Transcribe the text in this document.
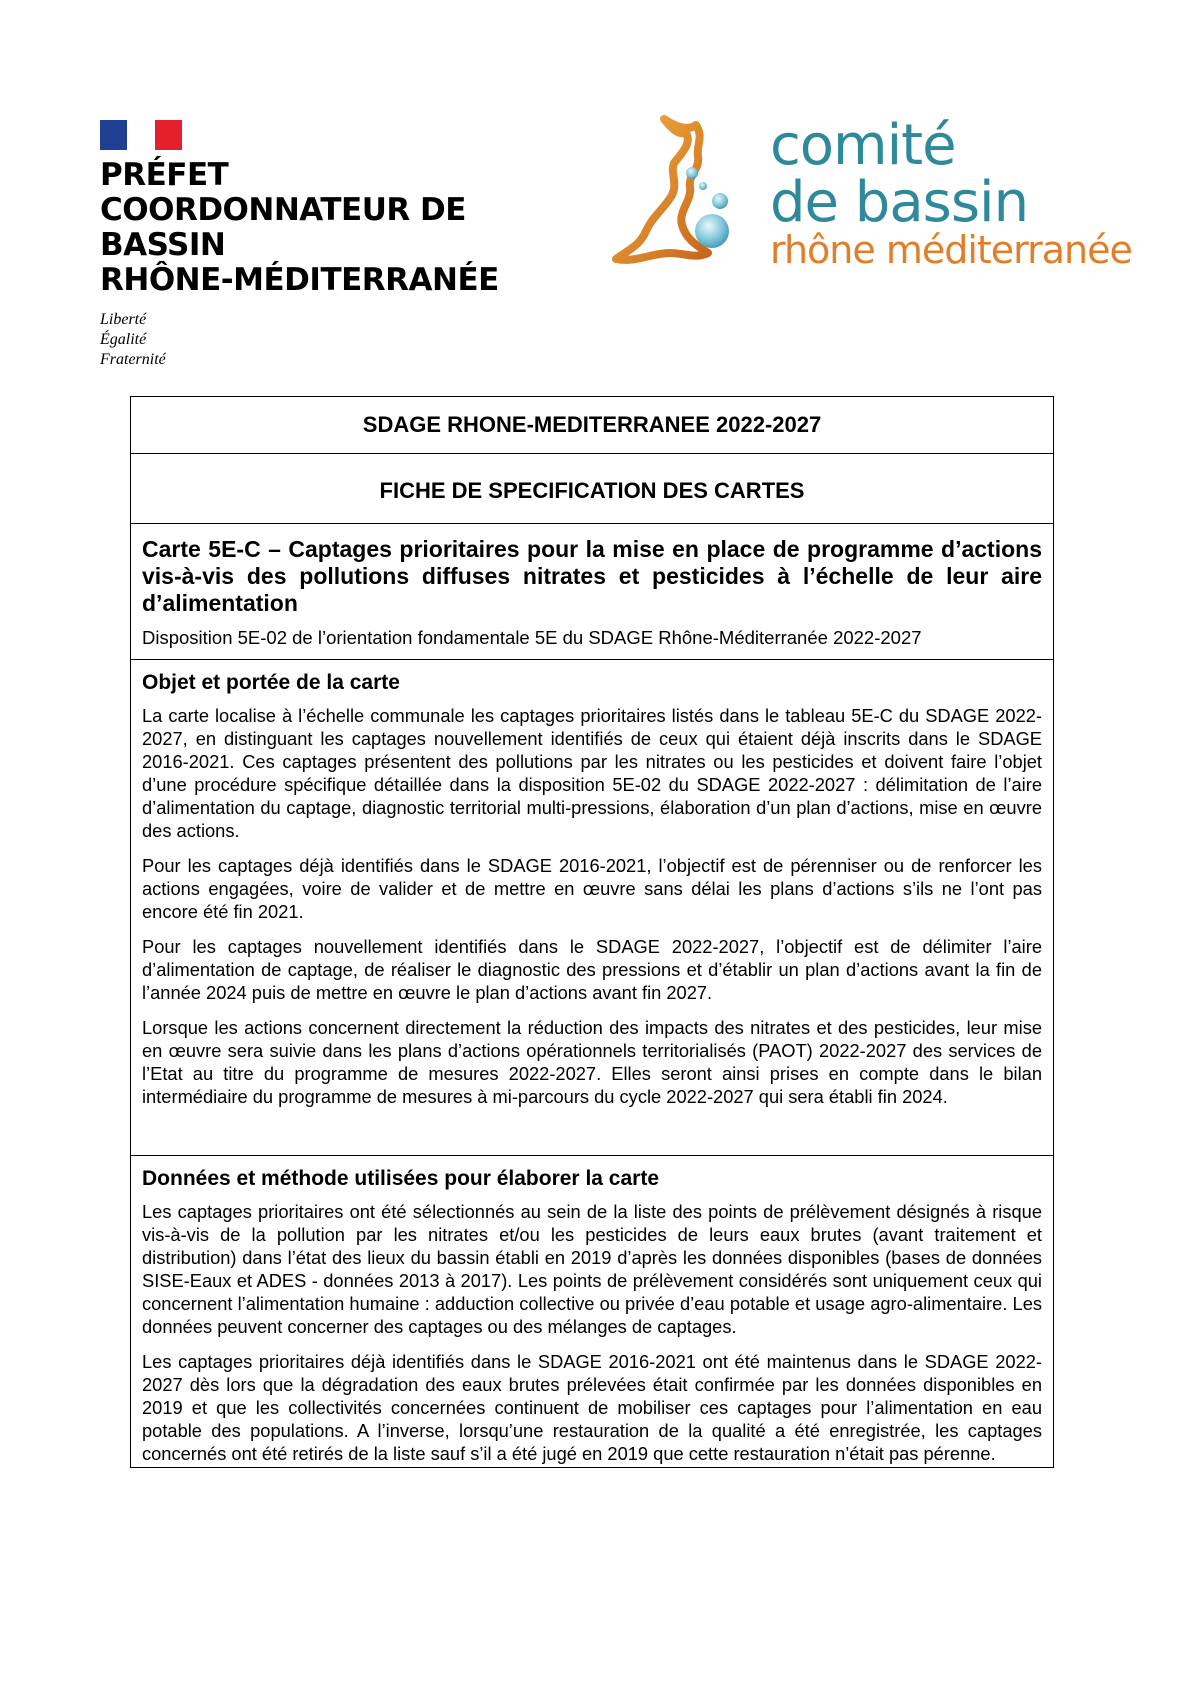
PRÉFET
COORDONNATEUR DE BASSIN
RHÔNE-MÉDITERRANÉE
Liberté
Égalité
Fraternité
comité
de bassin
rhône méditerranée
SDAGE RHONE-MEDITERRANEE 2022-2027
FICHE DE SPECIFICATION DES CARTES
Carte 5E-C – Captages prioritaires pour la mise en place de programme d’actions vis-à-vis des pollutions diffuses nitrates et pesticides à l’échelle de leur aire d’alimentation
Disposition 5E-02 de l’orientation fondamentale 5E du SDAGE Rhône-Méditerranée 2022-2027
Objet et portée de la carte

La carte localise à l’échelle communale les captages prioritaires listés dans le tableau 5E-C du SDAGE 2022-2027, en distinguant les captages nouvellement identifiés de ceux qui étaient déjà inscrits dans le SDAGE 2016-2021. Ces captages présentent des pollutions par les nitrates ou les pesticides et doivent faire l’objet d’une procédure spécifique détaillée dans la disposition 5E-02 du SDAGE 2022-2027 : délimitation de l’aire d’alimentation du captage, diagnostic territorial multi-pressions, élaboration d’un plan d’actions, mise en œuvre des actions.

Pour les captages déjà identifiés dans le SDAGE 2016-2021, l’objectif est de pérenniser ou de renforcer les actions engagées, voire de valider et de mettre en œuvre sans délai les plans d’actions s’ils ne l’ont pas encore été fin 2021.

Pour les captages nouvellement identifiés dans le SDAGE 2022-2027, l’objectif est de délimiter l’aire d’alimentation de captage, de réaliser le diagnostic des pressions et d’établir un plan d’actions avant la fin de l’année 2024 puis de mettre en œuvre le plan d’actions avant fin 2027.

Lorsque les actions concernent directement la réduction des impacts des nitrates et des pesticides, leur mise en œuvre sera suivie dans les plans d’actions opérationnels territorialisés (PAOT) 2022-2027 des services de l’Etat au titre du programme de mesures 2022-2027. Elles seront ainsi prises en compte dans le bilan intermédiaire du programme de mesures à mi-parcours du cycle 2022-2027 qui sera établi fin 2024.

Données et méthode utilisées pour élaborer la carte

Les captages prioritaires ont été sélectionnés au sein de la liste des points de prélèvement désignés à risque vis-à-vis de la pollution par les nitrates et/ou les pesticides de leurs eaux brutes (avant traitement et distribution) dans l’état des lieux du bassin établi en 2019 d’après les données disponibles (bases de données SISE-Eaux et ADES - données 2013 à 2017). Les points de prélèvement considérés sont uniquement ceux qui concernent l’alimentation humaine : adduction collective ou privée d’eau potable et usage agro-alimentaire. Les données peuvent concerner des captages ou des mélanges de captages.

Les captages prioritaires déjà identifiés dans le SDAGE 2016-2021 ont été maintenus dans le SDAGE 2022-2027 dès lors que la dégradation des eaux brutes prélevées était confirmée par les données disponibles en 2019 et que les collectivités concernées continuent de mobiliser ces captages pour l’alimentation en eau potable des populations. A l’inverse, lorsqu’une restauration de la qualité a été enregistrée, les captages concernés ont été retirés de la liste sauf s’il a été jugé en 2019 que cette restauration n’était pas pérenne.
